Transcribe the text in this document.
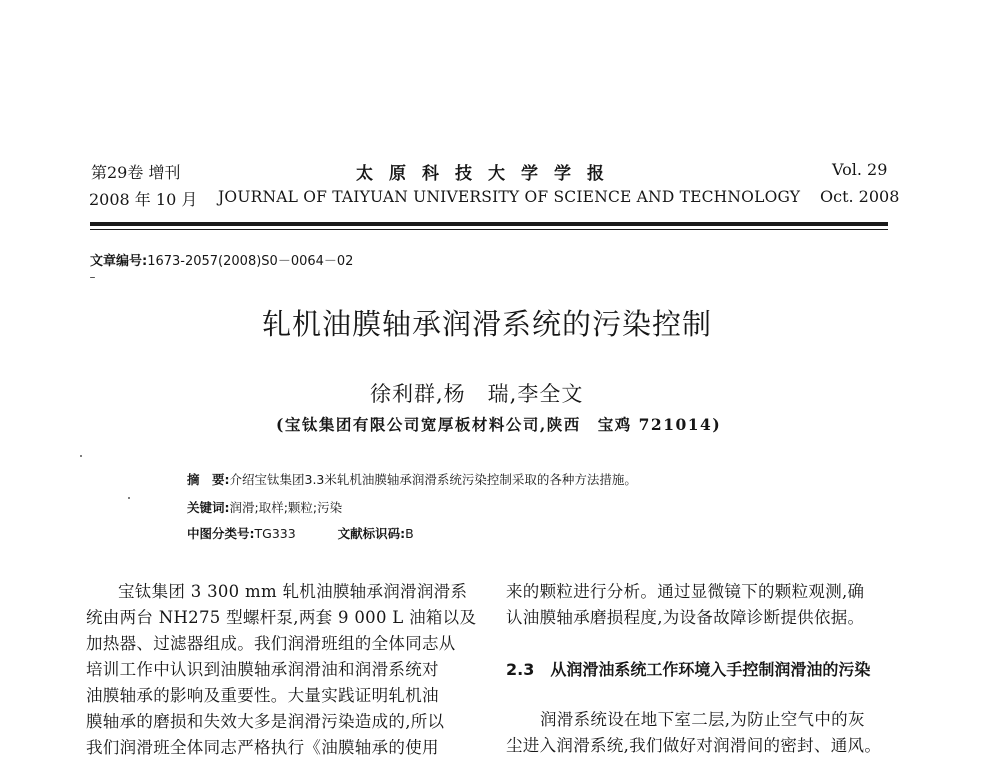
第29卷 增刊
2008 年 10 月
太原科技大学学报
JOURNAL OF TAIYUAN UNIVERSITY OF SCIENCE AND TECHNOLOGY
Vol. 29
Oct. 2008
文章编号:1673-2057(2008)S0－0064－02
轧机油膜轴承润滑系统的污染控制
徐利群,杨　瑞,李全文
(宝钛集团有限公司宽厚板材料公司,陕西　宝鸡 721014)
摘　要:介绍宝钛集团3.3米轧机油膜轴承润滑系统污染控制采取的各种方法措施。
关键词:润滑;取样;颗粒;污染
中图分类号:TG333	文献标识码:B
宝钛集团 3 300 mm 轧机油膜轴承润滑润滑系
统由两台 NH275 型螺杆泵,两套 9 000 L 油箱以及
加热器、过滤器组成。我们润滑班组的全体同志从
培训工作中认识到油膜轴承润滑油和润滑系统对
油膜轴承的影响及重要性。大量实践证明轧机油
膜轴承的磨损和失效大多是润滑污染造成的,所以
我们润滑班全体同志严格执行《油膜轴承的使用
来的颗粒进行分析。通过显微镜下的颗粒观测,确
认油膜轴承磨损程度,为设备故障诊断提供依据。
2.3　从润滑油系统工作环境入手控制润滑油的污染
润滑系统设在地下室二层,为防止空气中的灰
尘进入润滑系统,我们做好对润滑间的密封、通风。
